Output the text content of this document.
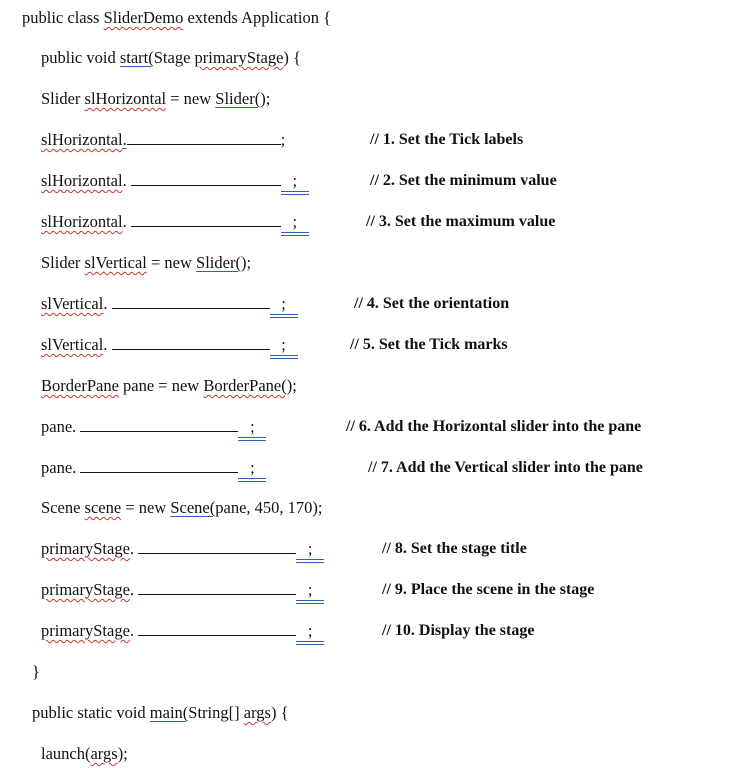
public class SliderDemo extends Application {
public void start(Stage primaryStage) {
Slider slHorizontal = new Slider();
slHorizontal.	;	// 1. Set the Tick labels
slHorizontal.	;	// 2. Set the minimum value
slHorizontal.	;	// 3. Set the maximum value
Slider slVertical = new Slider();
slVertical.	;	// 4. Set the orientation
slVertical.	;	// 5. Set the Tick marks
BorderPane pane = new BorderPane();
pane.	;	// 6. Add the Horizontal slider into the pane
pane.	;	// 7. Add the Vertical slider into the pane
Scene scene = new Scene(pane, 450, 170);
primaryStage.	;	// 8. Set the stage title
primaryStage.	;	// 9. Place the scene in the stage
primaryStage.	;	// 10. Display the stage
}
public static void main(String[] args) {
launch(args);
